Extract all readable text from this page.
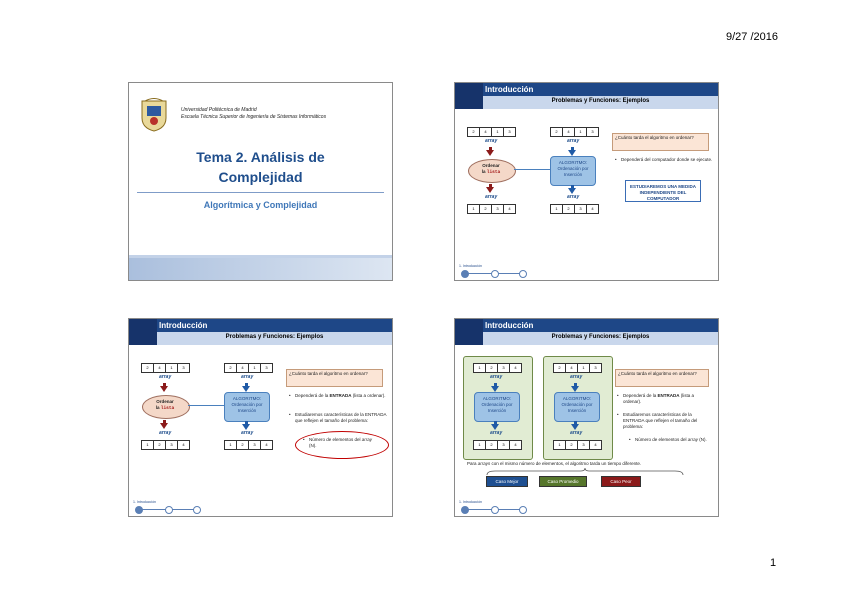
9/27 /2016
1
Universidad Politécnica de Madrid
Escuela Técnica Superior de Ingeniería de Sistemas Informáticos
Tema 2. Análisis de
Complejidad
Algorítmica y Complejidad
Introducción
Problemas y Funciones: Ejemplos
2	4	1	3
array
Ordenar
la lista
array
1	2	3	4
2	4	1	3
array
ALGORITMO:
Ordenación por
Inserción
array
1	2	3	4
¿Cuánto tarda el algoritmo en ordenar?
• Dependerá del computador donde se ejecute.
ESTUDIAREMOS UNA MEDIDA INDEPENDIENTE DEL COMPUTADOR
1. Introducción
Introducción
Problemas y Funciones: Ejemplos
2	4	1	3
array
Ordenar
la lista
array
1	2	3	4
2	4	1	3
array
ALGORITMO:
Ordenación por
Inserción
array
1	2	3	4
¿Cuánto tarda el algoritmo en ordenar?
• Dependerá de la ENTRADA (lista a ordenar).
• Estudiaremos características de la ENTRADA que reflejen el tamaño del problema:
• Número de elementos del array (N).
1. Introducción
Introducción
Problemas y Funciones: Ejemplos
1	2	3	4
array
ALGORITMO:
Ordenación por
Inserción
array
1	2	3	4
2	4	1	3
array
ALGORITMO:
Ordenación por
Inserción
array
1	2	3	4
¿Cuánto tarda el algoritmo en ordenar?
• Dependerá de la ENTRADA (lista a ordenar).
• Estudiaremos características de la ENTRADA que reflejen el tamaño del problema:
• Número de elementos del array (N).
Para arrays con el mismo número de elementos, el algoritmo tarda un tiempo diferente.
Caso Mejor	Caso Promedio	Caso Peor
1. Introducción
